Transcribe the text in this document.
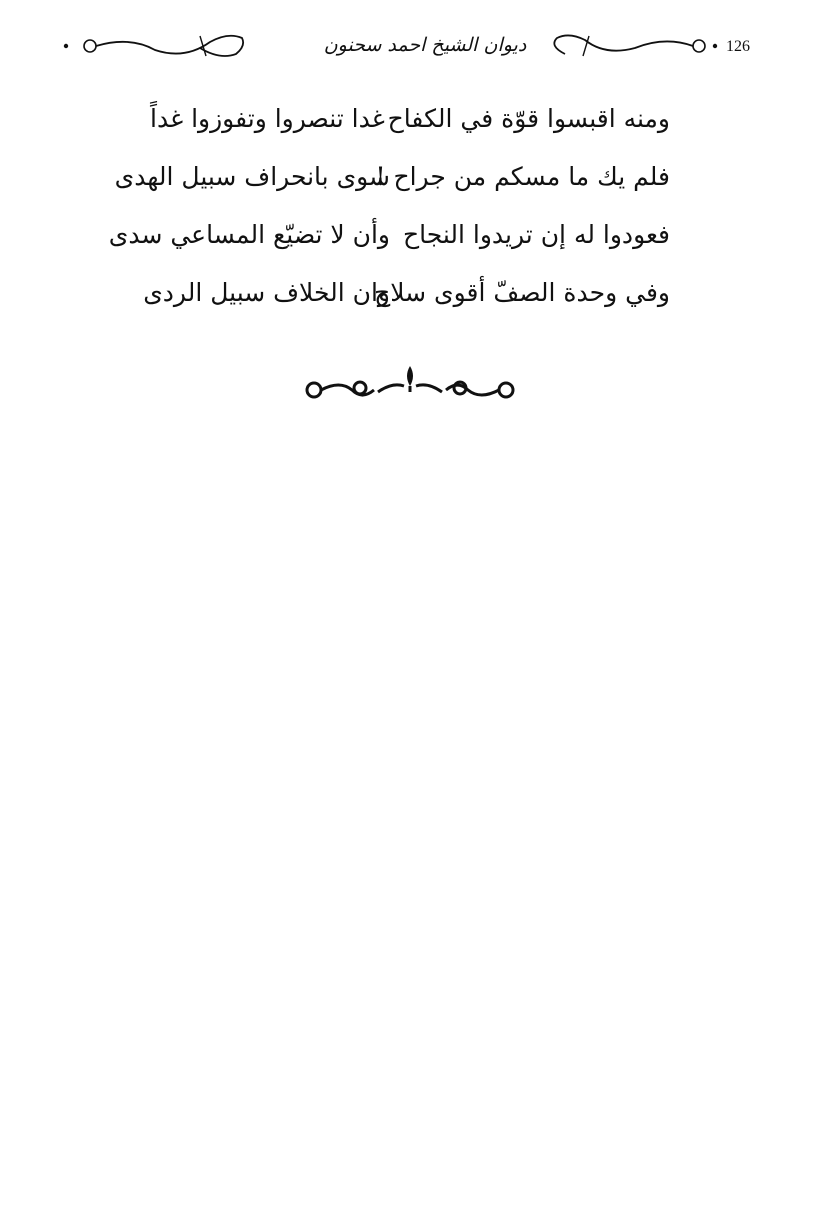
ديوان الشيخ احمد سحنون	126
ومنه اقبسوا قوّة في الكفاح
غدا تنصروا وتفوزوا غداً
فلم يك ما مسكم من جراح !
سوى بانحراف سبيل الهدى
فعودوا له إن تريدوا النجاح
وأن لا تضيّع المساعي سدى
وفي وحدة الصفّ أقوى سلاح
وان الخلاف سبيل الردى
